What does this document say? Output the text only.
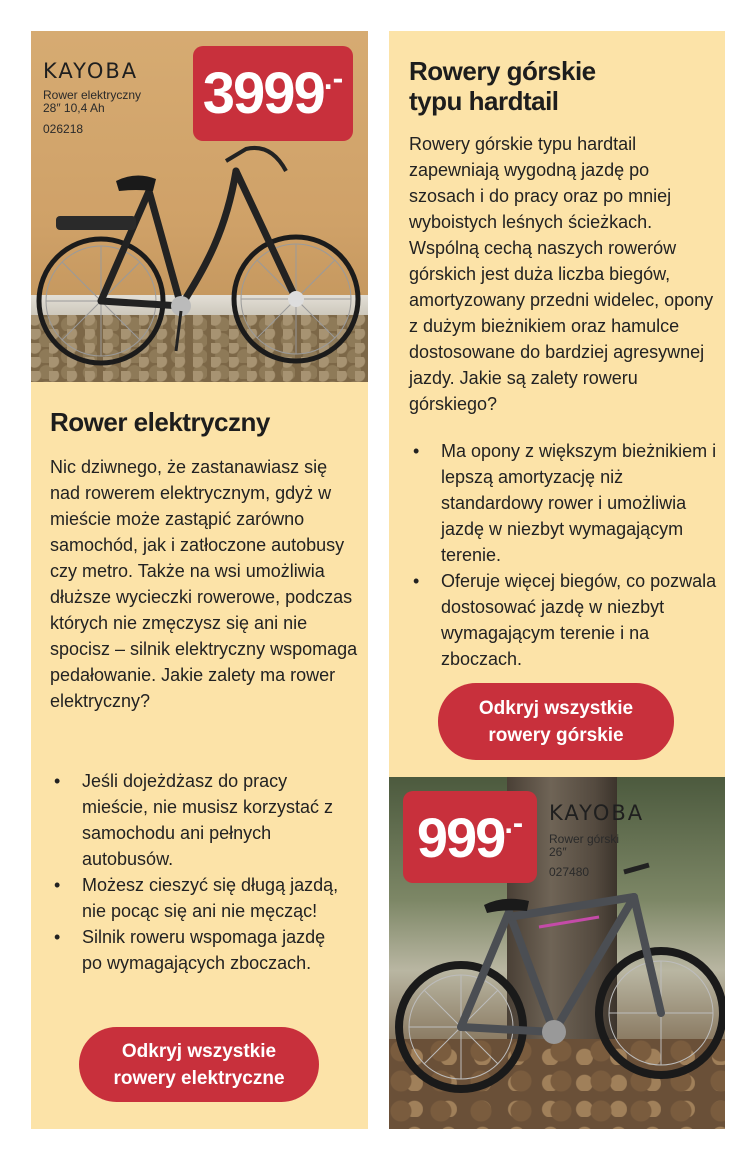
KAYOBA
Rower elektryczny
28″ 10,4 Ah
026218
3999 .-
Rower elektryczny

Nic dziwnego, że zastanawiasz się nad rowerem elektrycznym, gdyż w mieście może zastąpić zarówno samochód, jak i zatłoczone autobusy czy metro. Także na wsi umożliwia dłuższe wycieczki rowerowe, podczas których nie zmęczysz się ani nie spocisz – silnik elektryczny wspomaga pedałowanie. Jakie zalety ma rower elektryczny?

• Jeśli dojeżdżasz do pracy mieście, nie musisz korzystać z samochodu ani pełnych autobusów.
• Możesz cieszyć się długą jazdą, nie pocąc się ani nie męcząc!
• Silnik roweru wspomaga jazdę po wymagających zboczach.
Odkryj wszystkie
rowery elektryczne
Rowery górskie
typu hardtail

Rowery górskie typu hardtail zapewniają wygodną jazdę po szosach i do pracy oraz po mniej wyboistych leśnych ścieżkach. Wspólną cechą naszych rowerów górskich jest duża liczba biegów, amortyzowany przedni widelec, opony z dużym bieżnikiem oraz hamulce dostosowane do bardziej agresywnej jazdy. Jakie są zalety roweru górskiego?

• Ma opony z większym bieżnikiem i lepszą amortyzację niż standardowy rower i umożliwia jazdę w niezbyt wymagającym terenie.
• Oferuje więcej biegów, co pozwala dostosować jazdę w niezbyt wymagającym terenie i na zboczach.
Odkryj wszystkie
rowery górskie
999 .- KAYOBA
Rower górski
26″
027480
